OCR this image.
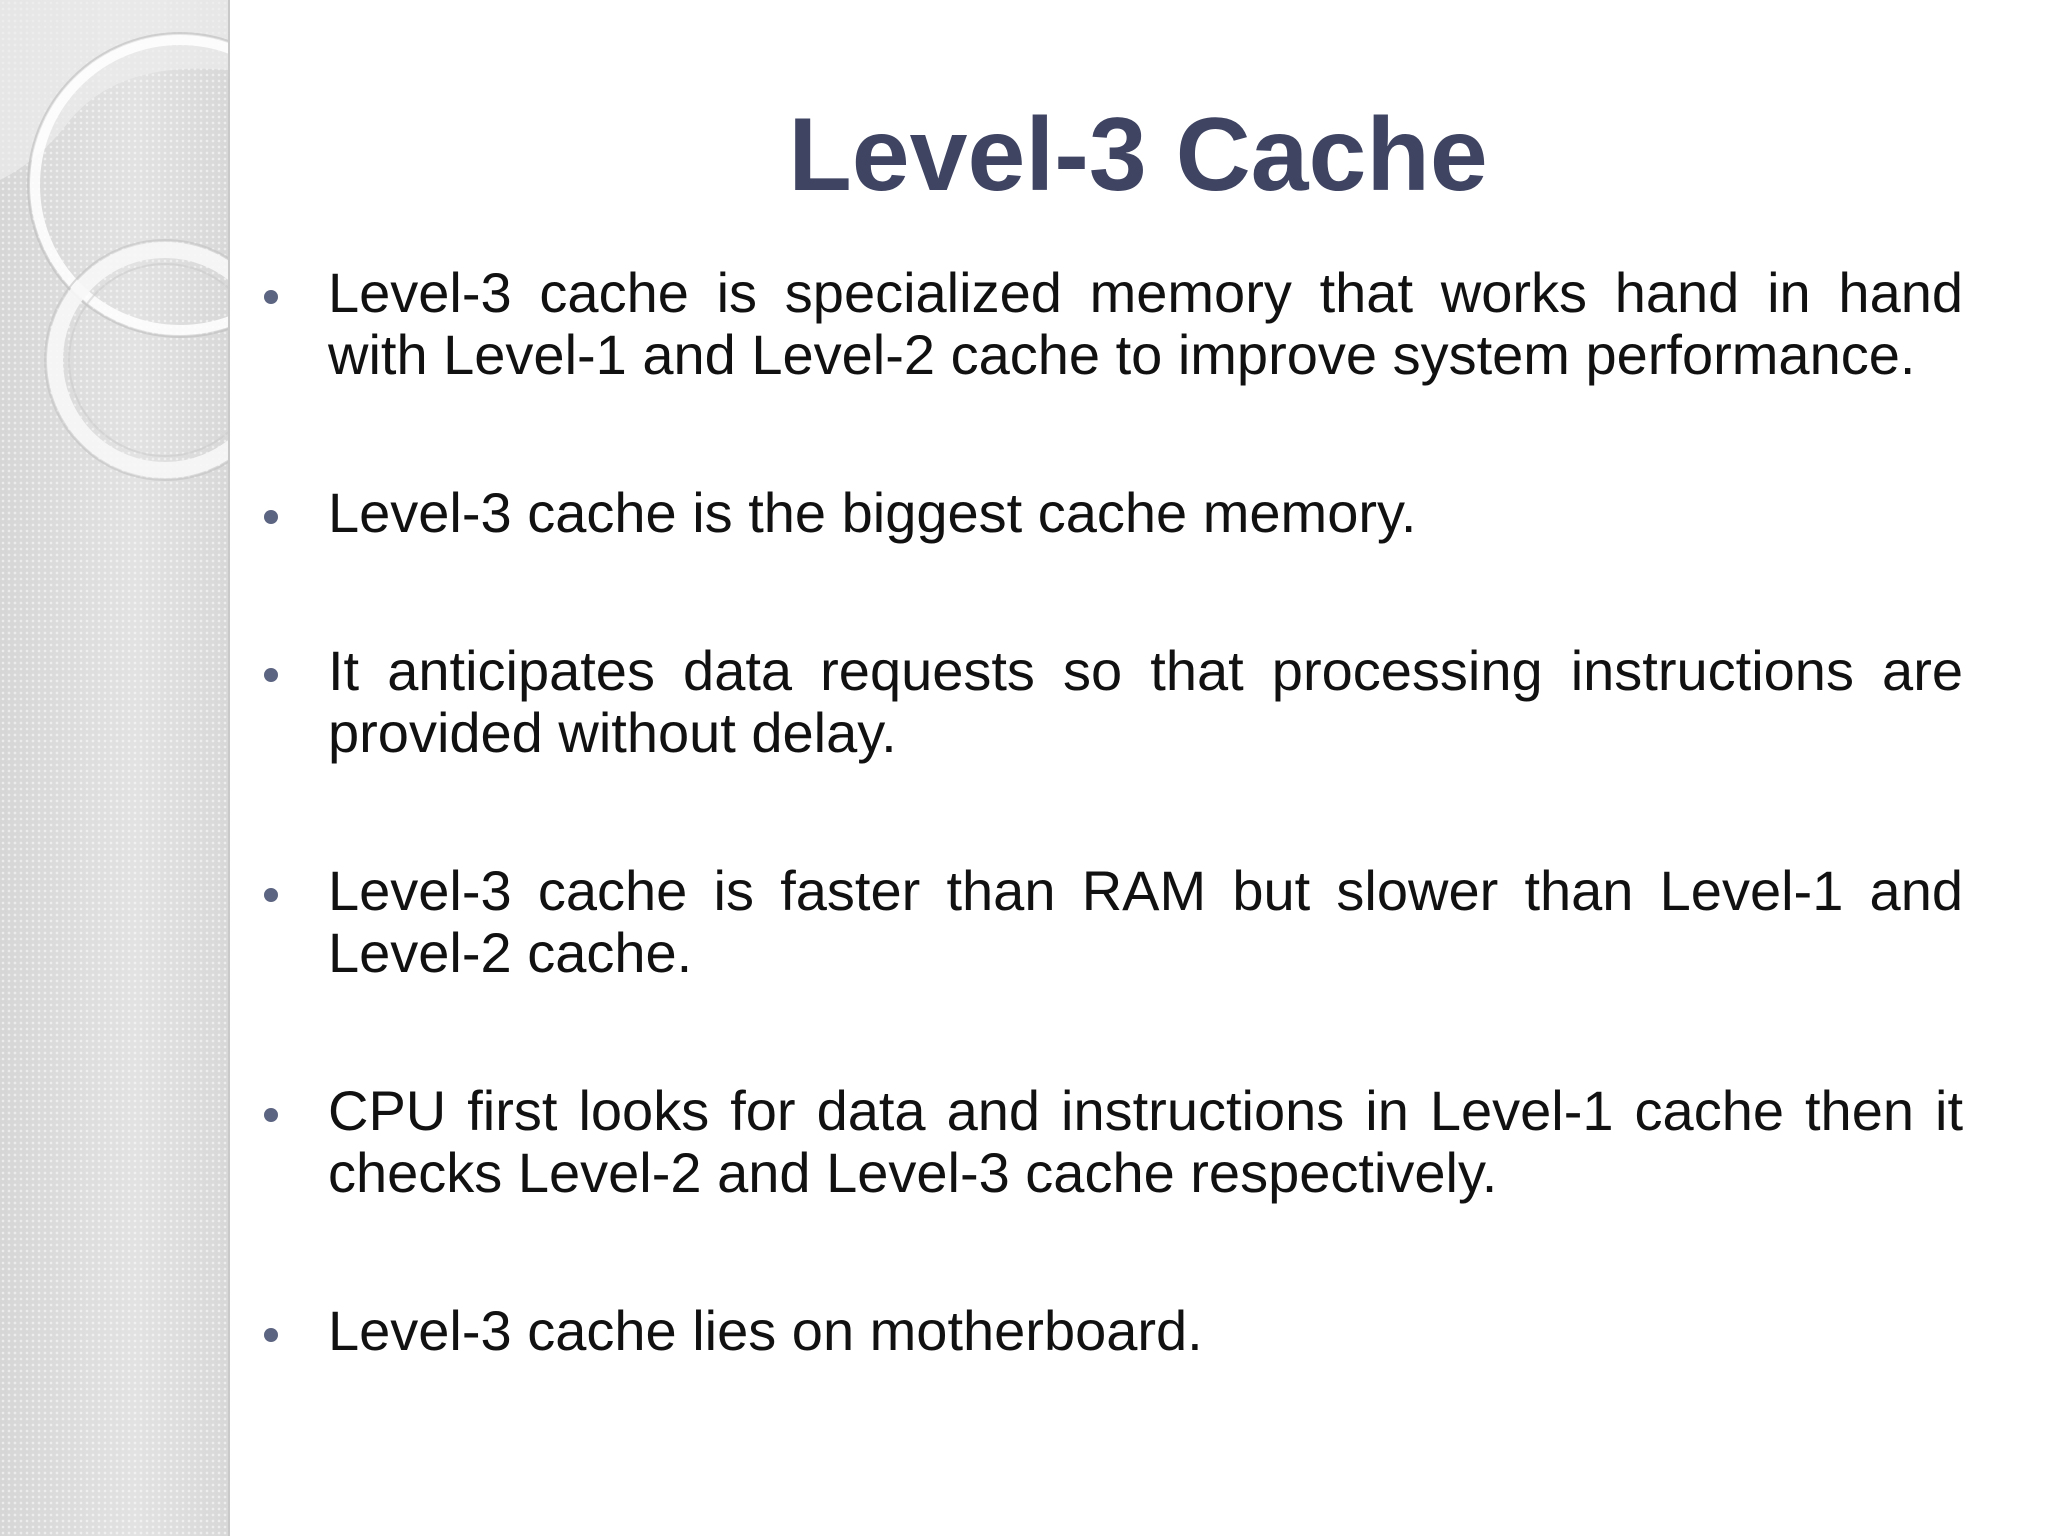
Level-3 Cache
Level-3 cache is specialized memory that works hand in hand with Level-1 and Level-2 cache to improve system performance.
Level-3 cache is the biggest cache memory.
It anticipates data requests so that processing instructions are provided without delay.
Level-3 cache is faster than RAM but slower than Level-1 and Level-2 cache.
CPU first looks for data and instructions in Level-1 cache then it checks Level-2 and Level-3 cache respectively.
Level-3 cache lies on motherboard.
